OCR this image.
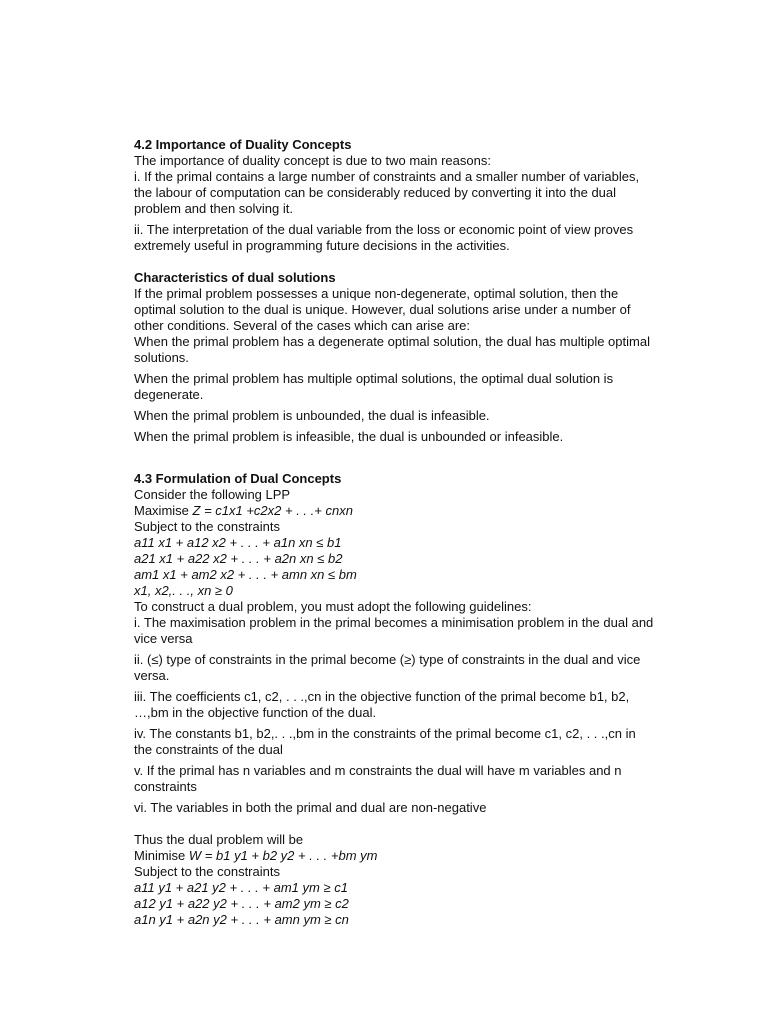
4.2 Importance of Duality Concepts

The importance of duality concept is due to two main reasons:

i. If the primal contains a large number of constraints and a smaller number of variables, the labour of computation can be considerably reduced by converting it into the dual problem and then solving it.

ii. The interpretation of the dual variable from the loss or economic point of view proves extremely useful in programming future decisions in the activities.

Characteristics of dual solutions

If the primal problem possesses a unique non-degenerate, optimal solution, then the optimal solution to the dual is unique. However, dual solutions arise under a number of other conditions. Several of the cases which can arise are:

When the primal problem has a degenerate optimal solution, the dual has multiple optimal solutions.

When the primal problem has multiple optimal solutions, the optimal dual solution is degenerate.

When the primal problem is unbounded, the dual is infeasible.

When the primal problem is infeasible, the dual is unbounded or infeasible.

4.3 Formulation of Dual Concepts

Consider the following LPP

Maximise Z = c1x1 +c2x2 + . . .+ cnxn

Subject to the constraints

a11 x1 + a12 x2 + . . . + a1n xn ≤ b1

a21 x1 + a22 x2 + . . . + a2n xn ≤ b2

am1 x1 + am2 x2 + . . . + amn xn ≤ bm

x1, x2,. . ., xn ≥ 0

To construct a dual problem, you must adopt the following guidelines:

i. The maximisation problem in the primal becomes a minimisation problem in the dual and vice versa

ii. (≤) type of constraints in the primal become (≥) type of constraints in the dual and vice versa.

iii. The coefficients c1, c2, . . .,cn in the objective function of the primal become b1, b2, …,bm in the objective function of the dual.

iv. The constants b1, b2,. . .,bm in the constraints of the primal become c1, c2, . . .,cn in the constraints of the dual

v. If the primal has n variables and m constraints the dual will have m variables and n constraints

vi. The variables in both the primal and dual are non-negative

Thus the dual problem will be

Minimise W = b1 y1 + b2 y2 + . . . +bm ym

Subject to the constraints

a11 y1 + a21 y2 + . . . + am1 ym ≥ c1

a12 y1 + a22 y2 + . . . + am2 ym ≥ c2

a1n y1 + a2n y2 + . . . + amn ym ≥ cn
